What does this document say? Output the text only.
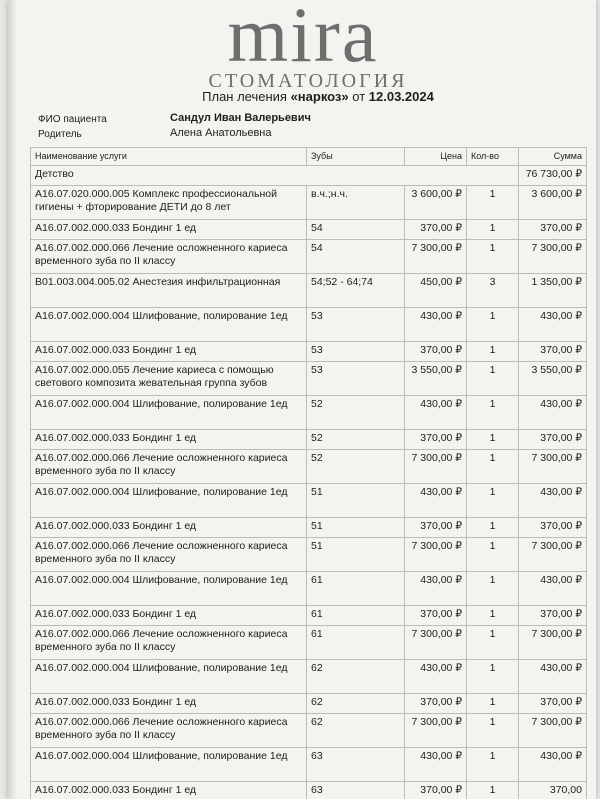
mira
СТОМАТОЛОГИЯ
План лечения «наркоз» от 12.03.2024
ФИО пациента	Сандул Иван Валерьевич
Родитель	Алена Анатольевна
Наименование услуги	Зубы	Цена	Кол-во	Сумма
Детство				76 730,00 ₽
A16.07.020.000.005 Комплекс профессиональной гигиены + фторирование ДЕТИ до 8 лет	в.ч.;н.ч.	3 600,00 ₽	1	3 600,00 ₽
A16.07.002.000.033 Бондинг 1 ед	54	370,00 ₽	1	370,00 ₽
A16.07.002.000.066 Лечение осложненного кариеса временного зуба по II классу	54	7 300,00 ₽	1	7 300,00 ₽
B01.003.004.005.02 Анестезия инфильтрационная	54;52 - 64;74	450,00 ₽	3	1 350,00 ₽
A16.07.002.000.004 Шлифование, полирование 1ед	53	430,00 ₽	1	430,00 ₽
A16.07.002.000.033 Бондинг 1 ед	53	370,00 ₽	1	370,00 ₽
A16.07.002.000.055 Лечение кариеса с помощью светового композита жевательная группа зубов	53	3 550,00 ₽	1	3 550,00 ₽
A16.07.002.000.004 Шлифование, полирование 1ед	52	430,00 ₽	1	430,00 ₽
A16.07.002.000.033 Бондинг 1 ед	52	370,00 ₽	1	370,00 ₽
A16.07.002.000.066 Лечение осложненного кариеса временного зуба по II классу	52	7 300,00 ₽	1	7 300,00 ₽
A16.07.002.000.004 Шлифование, полирование 1ед	51	430,00 ₽	1	430,00 ₽
A16.07.002.000.033 Бондинг 1 ед	51	370,00 ₽	1	370,00 ₽
A16.07.002.000.066 Лечение осложненного кариеса временного зуба по II классу	51	7 300,00 ₽	1	7 300,00 ₽
A16.07.002.000.004 Шлифование, полирование 1ед	61	430,00 ₽	1	430,00 ₽
A16.07.002.000.033 Бондинг 1 ед	61	370,00 ₽	1	370,00 ₽
A16.07.002.000.066 Лечение осложненного кариеса временного зуба по II классу	61	7 300,00 ₽	1	7 300,00 ₽
A16.07.002.000.004 Шлифование, полирование 1ед	62	430,00 ₽	1	430,00 ₽
A16.07.002.000.033 Бондинг 1 ед	62	370,00 ₽	1	370,00 ₽
A16.07.002.000.066 Лечение осложненного кариеса временного зуба по II классу	62	7 300,00 ₽	1	7 300,00 ₽
A16.07.002.000.004 Шлифование, полирование 1ед	63	430,00 ₽	1	430,00 ₽
A16.07.002.000.033 Бондинг 1 ед	63	370,00 ₽	1	370,00
